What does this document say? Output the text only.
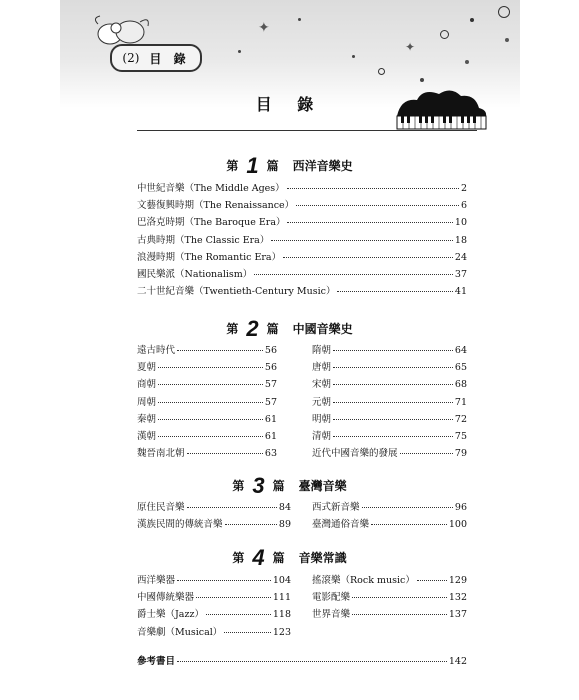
✦
✦
(2) 目 錄
目 錄
第 1 篇 西洋音樂史
中世紀音樂（The Middle Ages）	2
文藝復興時期（The Renaissance）	6
巴洛克時期（The Baroque Era）	10
古典時期（The Classic Era）	18
浪漫時期（The Romantic Era）	24
國民樂派（Nationalism）	37
二十世紀音樂（Twentieth-Century Music）	41
第 2 篇 中國音樂史
遠古時代	56
夏朝	56
商朝	57
周朝	57
秦朝	61
漢朝	61
魏晉南北朝	63
隋朝	64
唐朝	65
宋朝	68
元朝	71
明朝	72
清朝	75
近代中國音樂的發展	79
第 3 篇 臺灣音樂
原住民音樂	84
漢族民間的傳統音樂	89
西式新音樂	96
臺灣通俗音樂	100
第 4 篇 音樂常識
西洋樂器	104
中國傳統樂器	111
爵士樂（Jazz）	118
音樂劇（Musical）	123
搖滾樂（Rock music）	129
電影配樂	132
世界音樂	137
參考書目	142
